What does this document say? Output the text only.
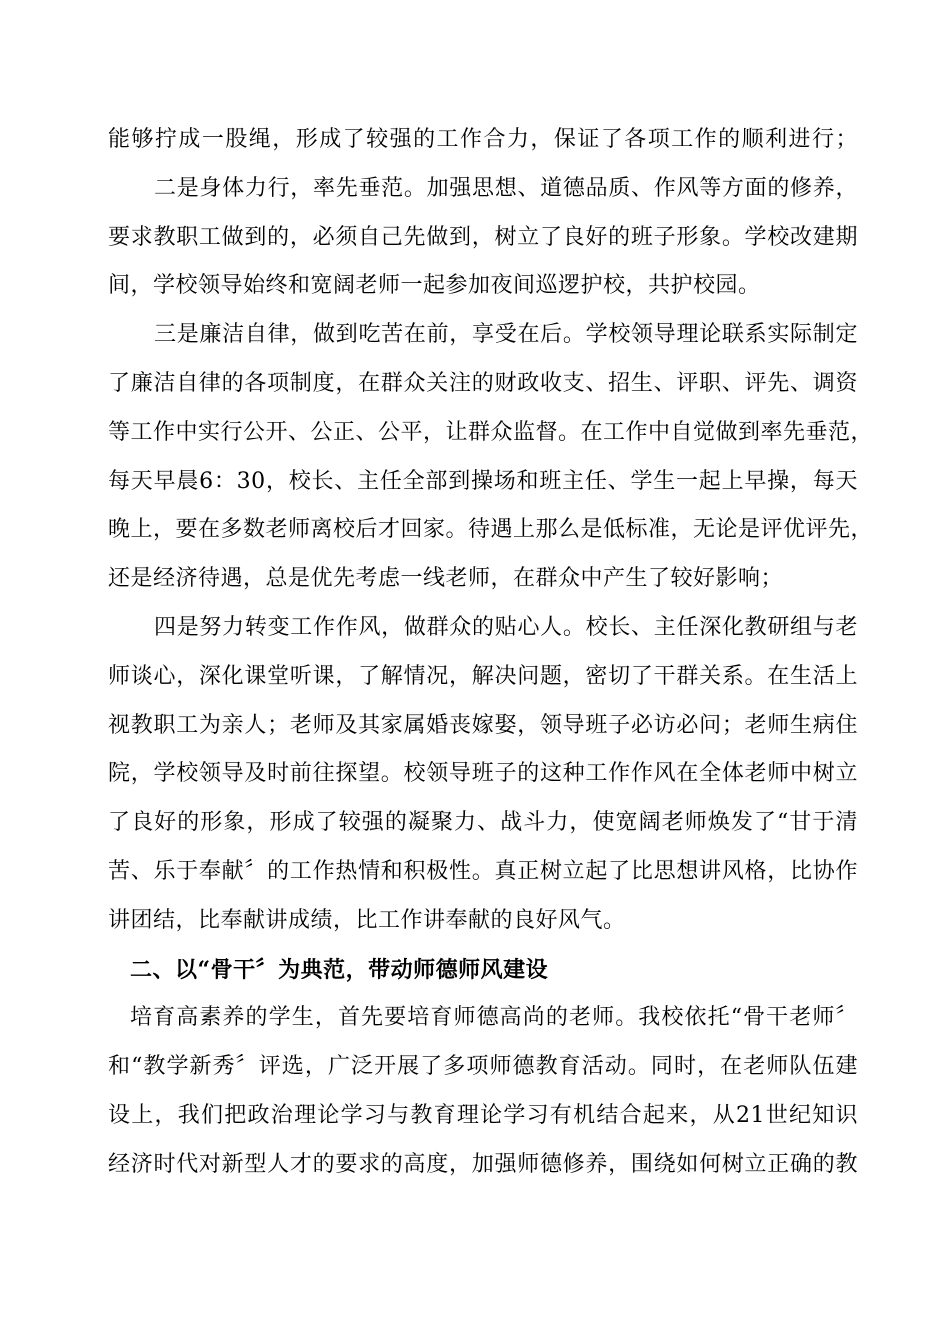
能够拧成一股绳，形成了较强的工作合力，保证了各项工作的顺利进行；
二是身体力行，率先垂范。加强思想、道德品质、作风等方面的修养，
要求教职工做到的，必须自己先做到，树立了良好的班子形象。学校改建期
间，学校领导始终和宽阔老师一起参加夜间巡逻护校，共护校园。
三是廉洁自律，做到吃苦在前，享受在后。学校领导理论联系实际制定
了廉洁自律的各项制度，在群众关注的财政收支、招生、评职、评先、调资
等工作中实行公开、公正、公平，让群众监督。在工作中自觉做到率先垂范，
每天早晨6：30，校长、主任全部到操场和班主任、学生一起上早操，每天
晚上，要在多数老师离校后才回家。待遇上那么是低标准，无论是评优评先，
还是经济待遇，总是优先考虑一线老师，在群众中产生了较好影响；
四是努力转变工作作风，做群众的贴心人。校长、主任深化教研组与老
师谈心，深化课堂听课，了解情况，解决问题，密切了干群关系。在生活上
视教职工为亲人；老师及其家属婚丧嫁娶，领导班子必访必问；老师生病住
院，学校领导及时前往探望。校领导班子的这种工作作风在全体老师中树立
了良好的形象，形成了较强的凝聚力、战斗力，使宽阔老师焕发了“甘于清
苦、乐于奉献〞的工作热情和积极性。真正树立起了比思想讲风格，比协作
讲团结，比奉献讲成绩，比工作讲奉献的良好风气。
二、以“骨干〞为典范，带动师德师风建设
培育高素养的学生，首先要培育师德高尚的老师。我校依托“骨干老师〞
和“教学新秀〞评选，广泛开展了多项师德教育活动。同时，在老师队伍建
设上，我们把政治理论学习与教育理论学习有机结合起来，从21世纪知识
经济时代对新型人才的要求的高度，加强师德修养，围绕如何树立正确的教
